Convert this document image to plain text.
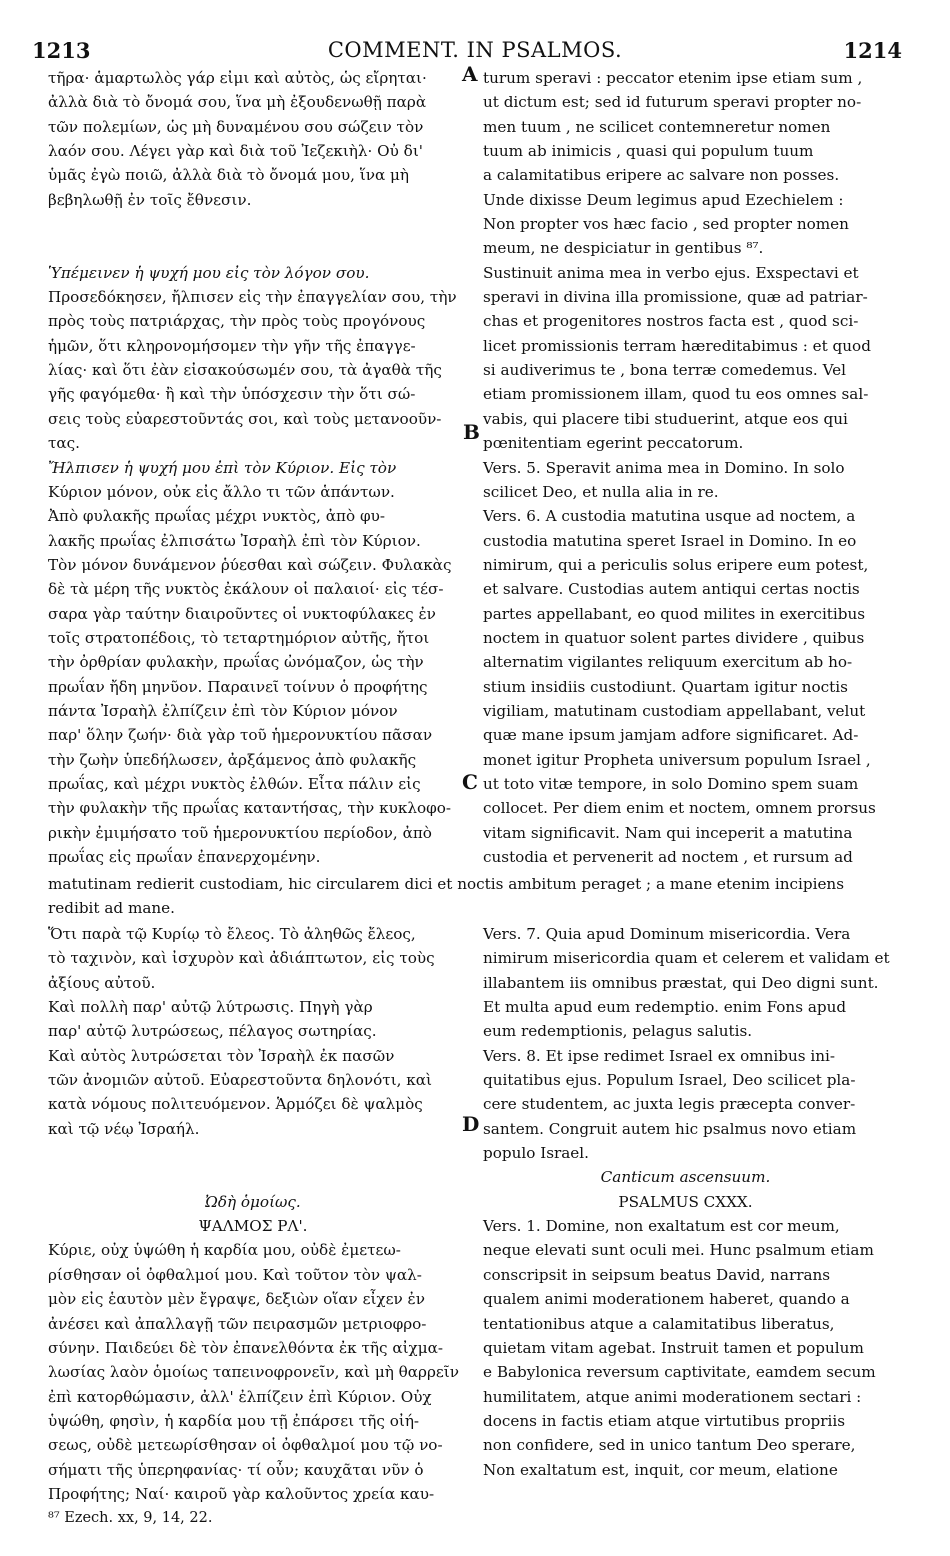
1213	COMMENT. IN PSALMOS.	1214
A
B
C
D
τῆρα· ἁμαρτωλὸς γάρ εἰμι καὶ αὐτὸς, ὡς εἴρηται·
ἀλλὰ διὰ τὸ ὄνομά σου, ἵνα μὴ ἐξουδενωθῇ παρὰ
τῶν πολεμίων, ὡς μὴ δυναμένου σου σώζειν τὸν
λαόν σου. Λέγει γὰρ καὶ διὰ τοῦ Ἰεζεκιὴλ· Οὐ δι'
ὑμᾶς ἐγὼ ποιῶ, ἀλλὰ διὰ τὸ ὄνομά μου, ἵνα μὴ
βεβηλωθῇ ἐν τοῖς ἔθνεσιν.
Ὑπέμεινεν ἡ ψυχή μου εἰς τὸν λόγον σου.
Προσεδόκησεν, ἤλπισεν εἰς τὴν ἐπαγγελίαν σου, τὴν
πρὸς τοὺς πατριάρχας, τὴν πρὸς τοὺς προγόνους
ἡμῶν, ὅτι κληρονομήσομεν τὴν γῆν τῆς ἐπαγγε-
λίας· καὶ ὅτι ἐὰν εἰσακούσωμέν σου, τὰ ἀγαθὰ τῆς
γῆς φαγόμεθα· ἢ καὶ τὴν ὑπόσχεσιν τὴν ὅτι σώ-
σεις τοὺς εὐαρεστοῦντάς σοι, καὶ τοὺς μετανοοῦν-
τας.
Ἤλπισεν ἡ ψυχή μου ἐπὶ τὸν Κύριον. Εἰς τὸν
Κύριον μόνον, οὐκ εἰς ἄλλο τι τῶν ἁπάντων.
Ἀπὸ φυλακῆς πρωΐας μέχρι νυκτὸς, ἀπὸ φυ-
λακῆς πρωΐας ἐλπισάτω Ἰσραὴλ ἐπὶ τὸν Κύριον.
Τὸν μόνον δυνάμενον ῥύεσθαι καὶ σώζειν. Φυλακὰς
δὲ τὰ μέρη τῆς νυκτὸς ἐκάλουν οἱ παλαιοί· εἰς τέσ-
σαρα γὰρ ταύτην διαιροῦντες οἱ νυκτοφύλακες ἐν
τοῖς στρατοπέδοις, τὸ τεταρτημόριον αὐτῆς, ἤτοι
τὴν ὀρθρίαν φυλακὴν, πρωΐας ὠνόμαζον, ὡς τὴν
πρωΐαν ἤδη μηνῦον. Παραινεῖ τοίνυν ὁ προφήτης
πάντα Ἰσραὴλ ἐλπίζειν ἐπὶ τὸν Κύριον μόνον
παρ' ὅλην ζωήν· διὰ γὰρ τοῦ ἡμερονυκτίου πᾶσαν
τὴν ζωὴν ὑπεδήλωσεν, ἀρξάμενος ἀπὸ φυλακῆς
πρωΐας, καὶ μέχρι νυκτὸς ἐλθών. Εἶτα πάλιν εἰς
τὴν φυλακὴν τῆς πρωΐας καταντήσας, τὴν κυκλοφο-
ρικὴν ἐμιμήσατο τοῦ ἡμερονυκτίου περίοδον, ἀπὸ
πρωΐας εἰς πρωΐαν ἐπανερχομένην.
turum speravi : peccator etenim ipse etiam sum ,
ut dictum est; sed id futurum speravi propter no-
men tuum , ne scilicet contemneretur nomen
tuum ab inimicis , quasi qui populum tuum
a calamitatibus eripere ac salvare non posses.
Unde dixisse Deum legimus apud Ezechielem :
Non propter vos hæc facio , sed propter nomen
meum, ne despiciatur in gentibus ⁸⁷.
Sustinuit anima mea in verbo ejus. Exspectavi et
speravi in divina illa promissione, quæ ad patriar-
chas et progenitores nostros facta est , quod sci-
licet promissionis terram hæreditabimus : et quod
si audiverimus te , bona terræ comedemus. Vel
etiam promissionem illam, quod tu eos omnes sal-
vabis, qui placere tibi studuerint, atque eos qui
pœnitentiam egerint peccatorum.
Vers. 5. Speravit anima mea in Domino. In solo
scilicet Deo, et nulla alia in re.
Vers. 6. A custodia matutina usque ad noctem, a
custodia matutina speret Israel in Domino. In eo
nimirum, qui a periculis solus eripere eum potest,
et salvare. Custodias autem antiqui certas noctis
partes appellabant, eo quod milites in exercitibus
noctem in quatuor solent partes dividere , quibus
alternatim vigilantes reliquum exercitum ab ho-
stium insidiis custodiunt. Quartam igitur noctis
vigiliam, matutinam custodiam appellabant, velut
quæ mane ipsum jamjam adfore significaret. Ad-
monet igitur Propheta universum populum Israel ,
ut toto vitæ tempore, in solo Domino spem suam
collocet. Per diem enim et noctem, omnem prorsus
vitam significavit. Nam qui inceperit a matutina
custodia et pervenerit ad noctem , et rursum ad
matutinam redierit custodiam, hic circularem dici et noctis ambitum peraget ; a mane etenim incipiens
redibit ad mane.
Ὅτι παρὰ τῷ Κυρίῳ τὸ ἔλεος. Τὸ ἀληθῶς ἔλεος,
τὸ ταχινὸν, καὶ ἰσχυρὸν καὶ ἀδιάπτωτον, εἰς τοὺς
ἀξίους αὐτοῦ.
Καὶ πολλὴ παρ' αὐτῷ λύτρωσις. Πηγὴ γὰρ
παρ' αὐτῷ λυτρώσεως, πέλαγος σωτηρίας.
Καὶ αὐτὸς λυτρώσεται τὸν Ἰσραὴλ ἐκ πασῶν
τῶν ἀνομιῶν αὐτοῦ. Εὐαρεστοῦντα δηλονότι, καὶ
κατὰ νόμους πολιτευόμενον. Ἁρμόζει δὲ ψαλμὸς
καὶ τῷ νέῳ Ἰσραήλ.
Ὠδὴ ὁμοίως.
ΨΑΛΜΟΣ ΡΛ'.
Κύριε, οὐχ ὑψώθη ἡ καρδία μου, οὐδὲ ἐμετεω-
ρίσθησαν οἱ ὀφθαλμοί μου. Καὶ τοῦτον τὸν ψαλ-
μὸν εἰς ἑαυτὸν μὲν ἔγραψε, δεξιὼν οἵαν εἶχεν ἐν
ἀνέσει καὶ ἀπαλλαγῇ τῶν πειρασμῶν μετριοφρο-
σύνην. Παιδεύει δὲ τὸν ἐπανελθόντα ἐκ τῆς αἰχμα-
λωσίας λαὸν ὁμοίως ταπεινοφρονεῖν, καὶ μὴ θαρρεῖν
ἐπὶ κατορθώμασιν, ἀλλ' ἐλπίζειν ἐπὶ Κύριον. Οὐχ
ὑψώθη, φησὶν, ἡ καρδία μου τῇ ἐπάρσει τῆς οἰή-
σεως, οὐδὲ μετεωρίσθησαν οἱ ὀφθαλμοί μου τῷ νο-
σήματι τῆς ὑπερηφανίας· τί οὖν; καυχᾶται νῦν ὁ
Προφήτης; Ναί· καιροῦ γὰρ καλοῦντος χρεία καυ-
⁸⁷ Ezech. xx, 9, 14, 22.
Vers. 7. Quia apud Dominum misericordia. Vera
nimirum misericordia quam et celerem et validam et
illabantem iis omnibus præstat, qui Deo digni sunt.
Et multa apud eum redemptio. enim Fons apud
eum redemptionis, pelagus salutis.
Vers. 8. Et ipse redimet Israel ex omnibus ini-
quitatibus ejus. Populum Israel, Deo scilicet pla-
cere studentem, ac juxta legis præcepta conver-
santem. Congruit autem hic psalmus novo etiam
populo Israel.
Canticum ascensuum.
PSALMUS CXXX.
Vers. 1. Domine, non exaltatum est cor meum,
neque elevati sunt oculi mei. Hunc psalmum etiam
conscripsit in seipsum beatus David, narrans
qualem animi moderationem haberet, quando a
tentationibus atque a calamitatibus liberatus,
quietam vitam agebat. Instruit tamen et populum
e Babylonica reversum captivitate, eamdem secum
humilitatem, atque animi moderationem sectari :
docens in factis etiam atque virtutibus propriis
non confidere, sed in unico tantum Deo sperare,
Non exaltatum est, inquit, cor meum, elatione
